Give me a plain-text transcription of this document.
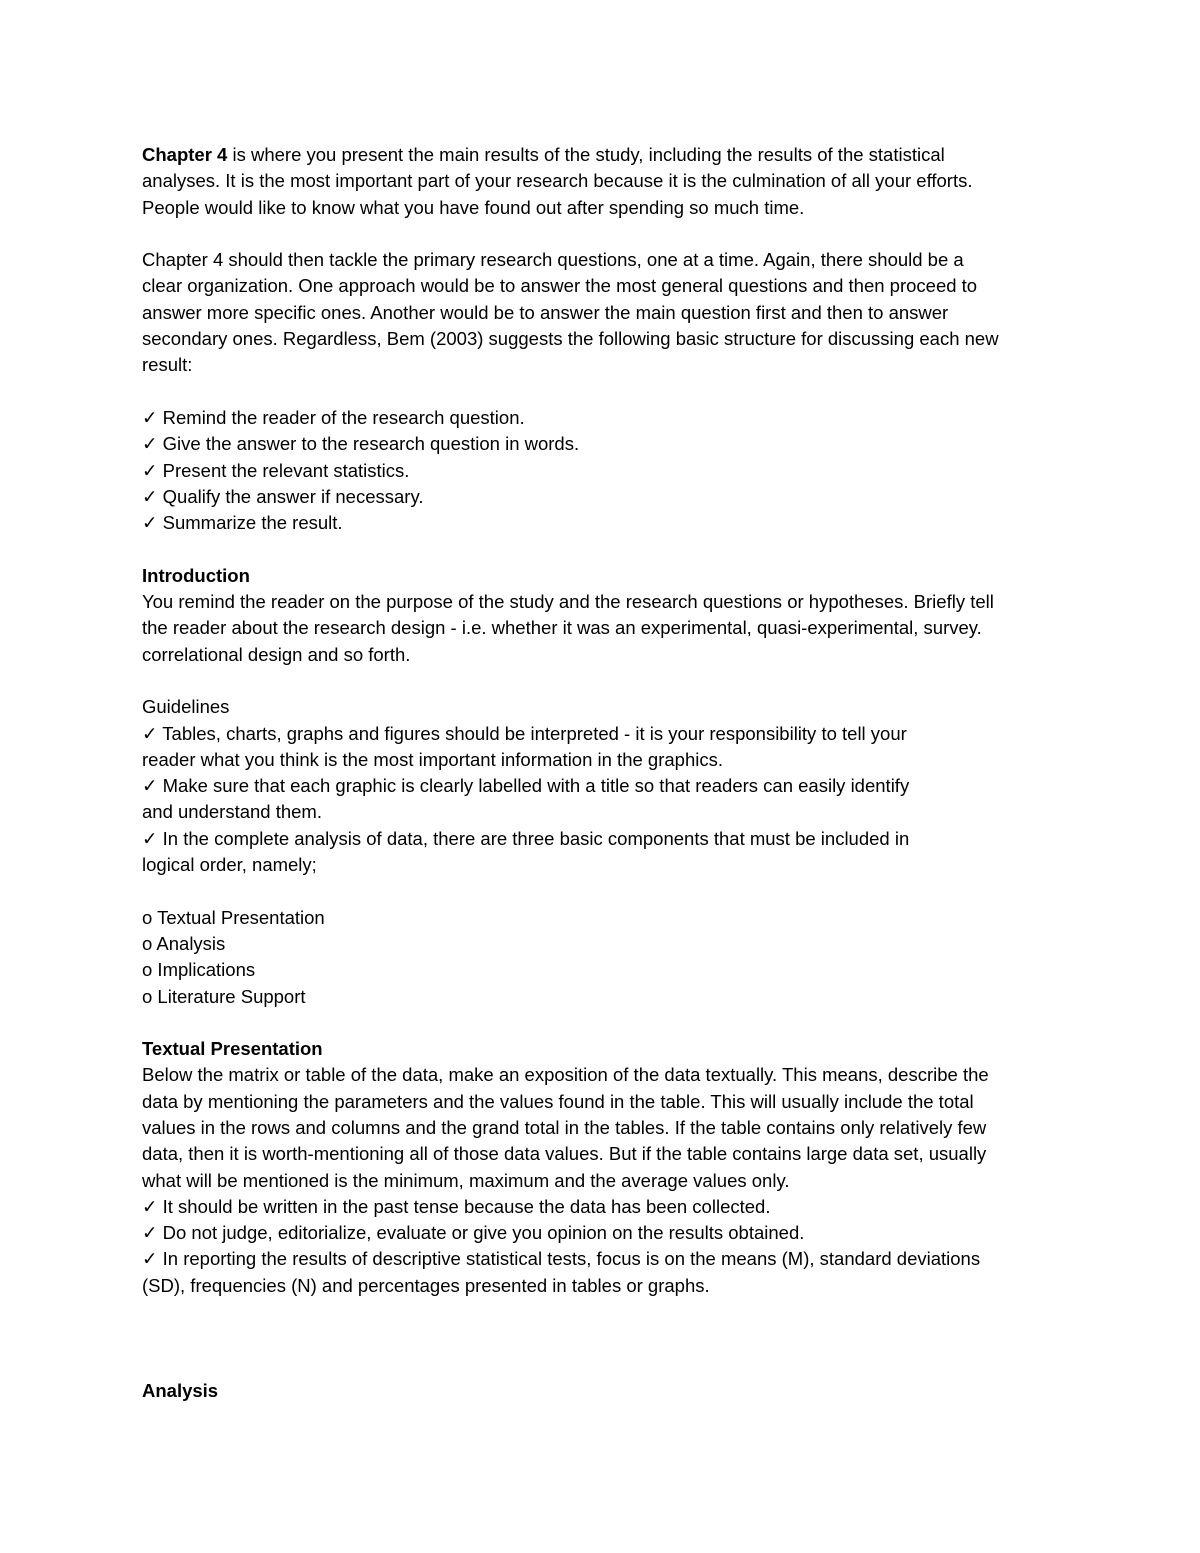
Chapter 4 is where you present the main results of the study, including the results of the statistical
analyses. It is the most important part of your research because it is the culmination of all your efforts.
People would like to know what you have found out after spending so much time.
Chapter 4 should then tackle the primary research questions, one at a time. Again, there should be a
clear organization. One approach would be to answer the most general questions and then proceed to
answer more specific ones. Another would be to answer the main question first and then to answer
secondary ones. Regardless, Bem (2003) suggests the following basic structure for discussing each new
result:
✓ Remind the reader of the research question.
✓ Give the answer to the research question in words.
✓ Present the relevant statistics.
✓ Qualify the answer if necessary.
✓ Summarize the result.
Introduction
You remind the reader on the purpose of the study and the research questions or hypotheses. Briefly tell
the reader about the research design - i.e. whether it was an experimental, quasi-experimental, survey.
correlational design and so forth.
Guidelines
✓ Tables, charts, graphs and figures should be interpreted - it is your responsibility to tell your
reader what you think is the most important information in the graphics.
✓ Make sure that each graphic is clearly labelled with a title so that readers can easily identify
and understand them.
✓ In the complete analysis of data, there are three basic components that must be included in
logical order, namely;
o Textual Presentation
o Analysis
o Implications
o Literature Support
Textual Presentation
Below the matrix or table of the data, make an exposition of the data textually. This means, describe the
data by mentioning the parameters and the values found in the table. This will usually include the total
values in the rows and columns and the grand total in the tables. If the table contains only relatively few
data, then it is worth-mentioning all of those data values. But if the table contains large data set, usually
what will be mentioned is the minimum, maximum and the average values only.
✓ It should be written in the past tense because the data has been collected.
✓ Do not judge, editorialize, evaluate or give you opinion on the results obtained.
✓ In reporting the results of descriptive statistical tests, focus is on the means (M), standard deviations
(SD), frequencies (N) and percentages presented in tables or graphs.
Analysis
